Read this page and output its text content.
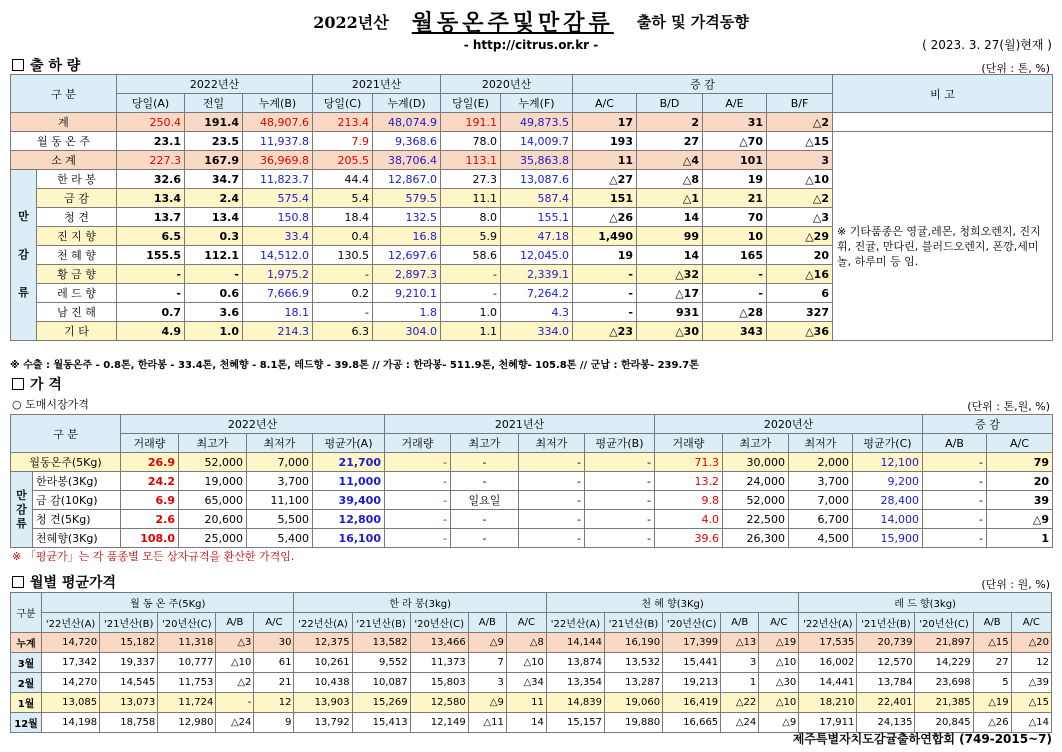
2022년산 월동온주및만감류 출하 및 가격동향
- http://citrus.or.kr -	( 2023. 3. 27(월)현재 )
출 하 량	(단위 : 톤, %)
구 분		2022년산			2021년산		2020년산		증 감				비 고
		당일(A)	전일	누계(B)	당일(C)	누계(D)	당일(E)	누계(F)	A/C	B/D	A/E	B/F	
계		250.4	191.4	48,907.6	213.4	48,074.9	191.1	49,873.5	17	2	31	△2	
월 동 온 주		23.1	23.5	11,937.8	7.9	9,368.6	78.0	14,009.7	193	27	△70	△15	※ 기타품종은 영귤,레몬, 청희오렌지, 진지휘, 진귤, 만다린, 블러드오렌지, 폰깡,세미놀, 하루미 등 임.
소 계		227.3	167.9	36,969.8	205.5	38,706.4	113.1	35,863.8	11	△4	101	3	
만감류	한 라 봉	32.6	34.7	11,823.7	44.4	12,867.0	27.3	13,087.6	△27	△8	19	△10	
	금 감	13.4	2.4	575.4	5.4	579.5	11.1	587.4	151	△1	21	△2	
	청 견	13.7	13.4	150.8	18.4	132.5	8.0	155.1	△26	14	70	△3	
	진 지 향	6.5	0.3	33.4	0.4	16.8	5.9	47.18	1,490	99	10	△29	
	천 혜 향	155.5	112.1	14,512.0	130.5	12,697.6	58.6	12,045.0	19	14	165	20	
	황 금 향	-	-	1,975.2	-	2,897.3	-	2,339.1	-	△32	-	△16	
	레 드 향	-	0.6	7,666.9	0.2	9,210.1	-	7,264.2	-	△17	-	6	
	남 진 해	0.7	3.6	18.1	-	1.8	1.0	4.3	-	931	△28	327	
	기 타	4.9	1.0	214.3	6.3	304.0	1.1	334.0	△23	△30	343	△36	
※ 수출 : 월동온주 - 0.8톤, 한라봉 - 33.4톤, 천혜향 - 8.1톤, 레드향 - 39.8톤 // 가공 : 한라봉- 511.9톤, 천혜향- 105.8톤 // 군납 : 한라봉- 239.7톤
가 격
○ 도매시장가격	(단위 : 톤,원, %)
구 분		2022년산				2021년산				2020년산				증 감	
		거래량	최고가	최저가	평균가(A)	거래량	최고가	최저가	평균가(B)	거래량	최고가	최저가	평균가(C)	A/B	A/C
월동온주(5Kg)		26.9	52,000	7,000	21,700	-	-	-	-	71.3	30,000	2,000	12,100	-	79
만감류	한라봉(3Kg)	24.2	19,000	3,700	11,000	-	-	-	-	13.2	24,000	3,700	9,200	-	20
	금 감(10Kg)	6.9	65,000	11,100	39,400	-	일요일	-	-	9.8	52,000	7,000	28,400	-	39
	청 견(5Kg)	2.6	20,600	5,500	12,800	-	-	-	-	4.0	22,500	6,700	14,000	-	△9
	천혜향(3Kg)	108.0	25,000	5,400	16,100	-	-	-	-	39.6	26,300	4,500	15,900	-	1
※ 「평균가」는 각 품종별 모든 상자규격을 환산한 가격임.
월별 평균가격	(단위 : 원, %)
구분	월 동 온 주(5Kg)					한 라 봉(3kg)					천 혜 향(3Kg)					레 드 향(3kg)				
	'22년산(A)	'21년산(B)	'20년산(C)	A/B	A/C	'22년산(A)	'21년산(B)	'20년산(C)	A/B	A/C	'22년산(A)	'21년산(B)	'20년산(C)	A/B	A/C	'22년산(A)	'21년산(B)	'20년산(C)	A/B	A/C
누계	14,720	15,182	11,318	△3	30	12,375	13,582	13,466	△9	△8	14,144	16,190	17,399	△13	△19	17,535	20,739	21,897	△15	△20
3월	17,342	19,337	10,777	△10	61	10,261	9,552	11,373	7	△10	13,874	13,532	15,441	3	△10	16,002	12,570	14,229	27	12
2월	14,270	14,545	11,753	△2	21	10,438	10,087	15,803	3	△34	13,354	13,287	19,213	1	△30	14,441	13,784	23,698	5	△39
1월	13,085	13,073	11,724	-	12	13,903	15,269	12,580	△9	11	14,839	19,060	16,419	△22	△10	18,210	22,401	21,385	△19	△15
12월	14,198	18,758	12,980	△24	9	13,792	15,413	12,149	△11	14	15,157	19,880	16,665	△24	△9	17,911	24,135	20,845	△26	△14
제주특별자치도감귤출하연합회 (749-2015~7)
